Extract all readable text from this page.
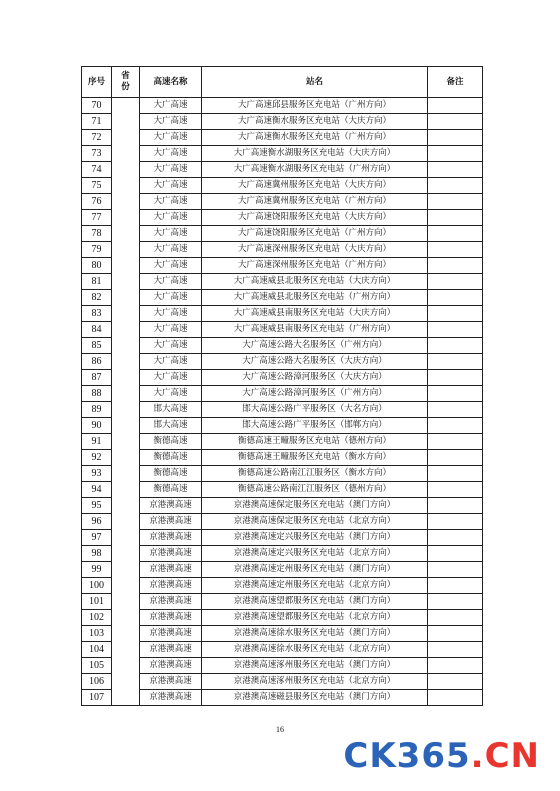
序号	省份	高速名称	站名	备注
70		大广高速	大广高速邱县服务区充电站（广州方向）	
71		大广高速	大广高速衡水服务区充电站（大庆方向）	
72		大广高速	大广高速衡水服务区充电站（广州方向）	
73		大广高速	大广高速衡水湖服务区充电站（大庆方向）	
74		大广高速	大广高速衡水湖服务区充电站（广州方向）	
75		大广高速	大广高速冀州服务区充电站（大庆方向）	
76		大广高速	大广高速冀州服务区充电站（广州方向）	
77		大广高速	大广高速饶阳服务区充电站（大庆方向）	
78		大广高速	大广高速饶阳服务区充电站（广州方向）	
79		大广高速	大广高速深州服务区充电站（大庆方向）	
80		大广高速	大广高速深州服务区充电站（广州方向）	
81		大广高速	大广高速威县北服务区充电站（大庆方向）	
82		大广高速	大广高速威县北服务区充电站（广州方向）	
83		大广高速	大广高速威县南服务区充电站（大庆方向）	
84		大广高速	大广高速威县南服务区充电站（广州方向）	
85		大广高速	大广高速公路大名服务区（广州方向）	
86		大广高速	大广高速公路大名服务区（大庆方向）	
87		大广高速	大广高速公路漳河服务区（大庆方向）	
88		大广高速	大广高速公路漳河服务区（广州方向）	
89		邯大高速	邯大高速公路广平服务区（大名方向）	
90		邯大高速	邯大高速公路广平服务区（邯郸方向）	
91		衡德高速	衡德高速王疃服务区充电站（德州方向）	
92		衡德高速	衡德高速王疃服务区充电站（衡水方向）	
93		衡德高速	衡德高速公路南江江服务区（衡水方向）	
94		衡德高速	衡德高速公路南江江服务区（德州方向）	
95		京港澳高速	京港澳高速保定服务区充电站（澳门方向）	
96		京港澳高速	京港澳高速保定服务区充电站（北京方向）	
97		京港澳高速	京港澳高速定兴服务区充电站（澳门方向）	
98		京港澳高速	京港澳高速定兴服务区充电站（北京方向）	
99		京港澳高速	京港澳高速定州服务区充电站（澳门方向）	
100		京港澳高速	京港澳高速定州服务区充电站（北京方向）	
101		京港澳高速	京港澳高速望都服务区充电站（澳门方向）	
102		京港澳高速	京港澳高速望都服务区充电站（北京方向）	
103		京港澳高速	京港澳高速徐水服务区充电站（澳门方向）	
104		京港澳高速	京港澳高速徐水服务区充电站（北京方向）	
105		京港澳高速	京港澳高速涿州服务区充电站（澳门方向）	
106		京港澳高速	京港澳高速涿州服务区充电站（北京方向）	
107		京港澳高速	京港澳高速磁县服务区充电站（澳门方向）	
16
CK365.CN
